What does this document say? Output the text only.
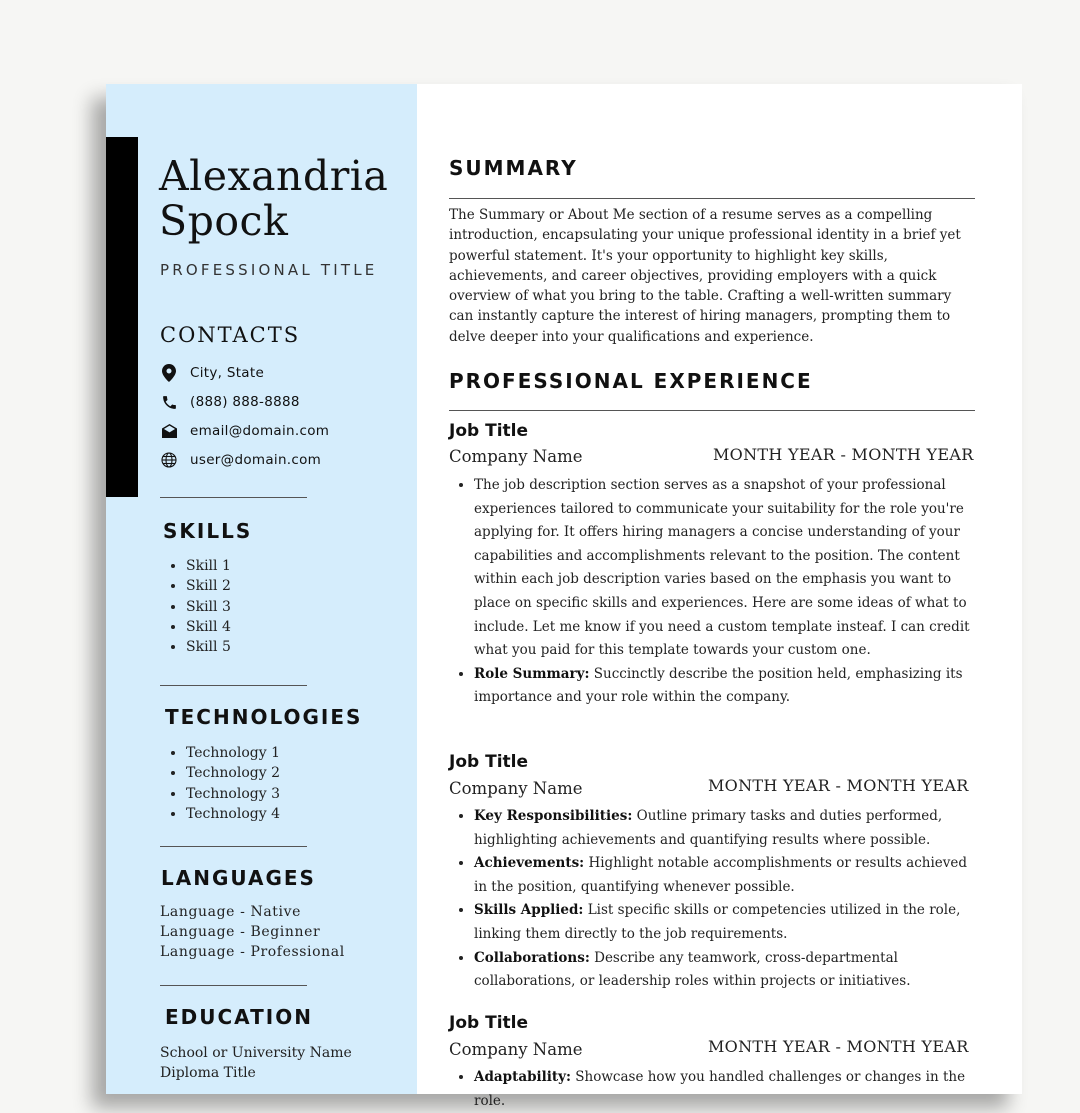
Alexandria
Spock
PROFESSIONAL TITLE
CONTACTS
City, State
(888) 888-8888
email@domain.com
user@domain.com
SKILLS
• Skill 1
• Skill 2
• Skill 3
• Skill 4
• Skill 5
TECHNOLOGIES
• Technology 1
• Technology 2
• Technology 3
• Technology 4
LANGUAGES
Language - Native
Language - Beginner
Language - Professional
EDUCATION
School or University Name
Diploma Title
SUMMARY

The Summary or About Me section of a resume serves as a compelling introduction, encapsulating your unique professional identity in a brief yet powerful statement. It's your opportunity to highlight key skills, achievements, and career objectives, providing employers with a quick overview of what you bring to the table. Crafting a well-written summary can instantly capture the interest of hiring managers, prompting them to delve deeper into your qualifications and experience.

PROFESSIONAL EXPERIENCE
Job Title
Company Name	MONTH YEAR - MONTH YEAR
• The job description section serves as a snapshot of your professional experiences tailored to communicate your suitability for the role you're applying for. It offers hiring managers a concise understanding of your capabilities and accomplishments relevant to the position. The content within each job description varies based on the emphasis you want to place on specific skills and experiences. Here are some ideas of what to include. Let me know if you need a custom template insteaf. I can credit what you paid for this template towards your custom one.
• Role Summary: Succinctly describe the position held, emphasizing its importance and your role within the company.
Job Title
Company Name	MONTH YEAR - MONTH YEAR
• Key Responsibilities: Outline primary tasks and duties performed, highlighting achievements and quantifying results where possible.
• Achievements: Highlight notable accomplishments or results achieved in the position, quantifying whenever possible.
• Skills Applied: List specific skills or competencies utilized in the role, linking them directly to the job requirements.
• Collaborations: Describe any teamwork, cross-departmental collaborations, or leadership roles within projects or initiatives.
Job Title
Company Name	MONTH YEAR - MONTH YEAR
• Adaptability: Showcase how you handled challenges or changes in the role.
